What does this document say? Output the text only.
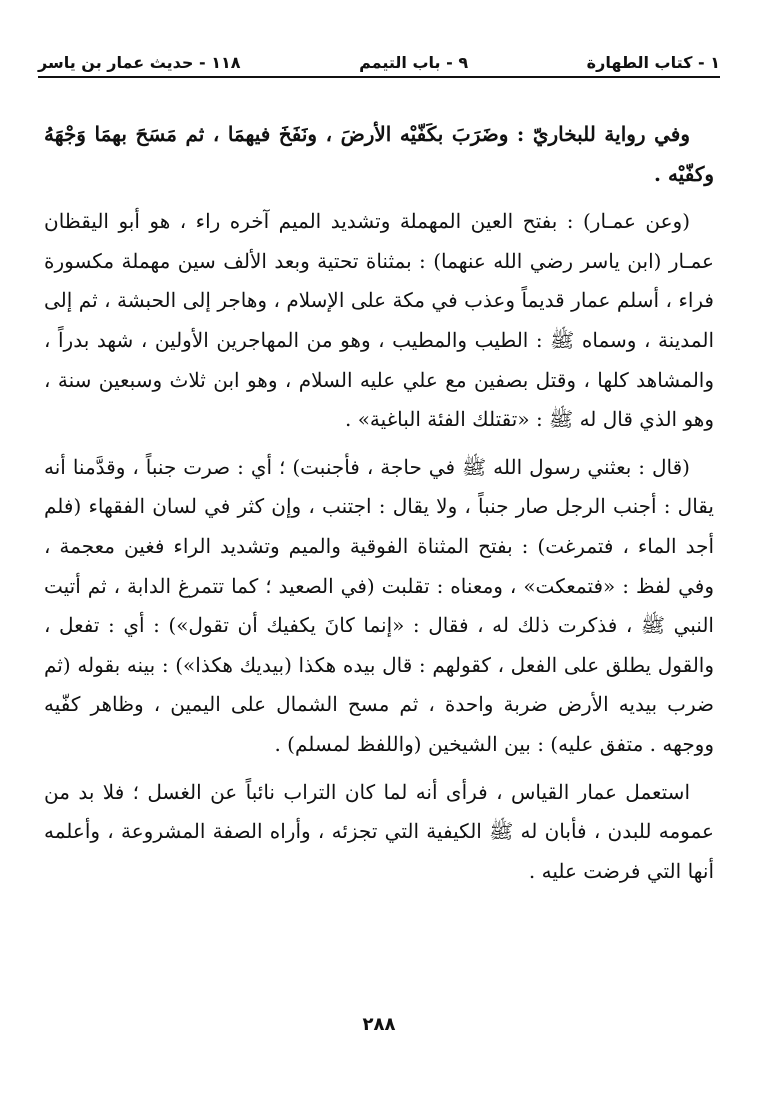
١ - كتاب الطهارة
٩ - باب التيمم
١١٨ - حديث عمار بن ياسر

وفي رواية للبخاريّ : وضَرَبَ بكَفّيْه الأرضَ ، ونَفَخَ فيهمَا ، ثم مَسَحَ بهمَا وَجْهَهُ وكفّيْه .

(وعن عمـار) : بفتح العين المهملة وتشديد الميم آخره راء ، هو أبو اليقظان عمـار (ابن ياسر رضي الله عنهما) : بمثناة تحتية وبعد الألف سين مهملة مكسورة فراء ، أسلم عمار قديماً وعذب في مكة على الإسلام ، وهاجر إلى الحبشة ، ثم إلى المدينة ، وسماه ﷺ : الطيب والمطيب ، وهو من المهاجرين الأولين ، شهد بدراً ، والمشاهد كلها ، وقتل بصفين مع علي عليه السلام ، وهو ابن ثلاث وسبعين سنة ، وهو الذي قال له ﷺ : «تقتلك الفئة الباغية» .

(قال : بعثني رسول الله ﷺ في حاجة ، فأجنبت) ؛ أي : صرت جنباً ، وقدَّمنا أنه يقال : أجنب الرجل صار جنباً ، ولا يقال : اجتنب ، وإن كثر في لسان الفقهاء (فلم أجد الماء ، فتمرغت) : بفتح المثناة الفوقية والميم وتشديد الراء فغين معجمة ، وفي لفظ : «فتمعكت» ، ومعناه : تقلبت (في الصعيد ؛ كما تتمرغ الدابة ، ثم أتيت النبي ﷺ ، فذكرت ذلك له ، فقال : «إنما كانَ يكفيك أن تقول») : أي : تفعل ، والقول يطلق على الفعل ، كقولهم : قال بيده هكذا (بيديك هكذا») : بينه بقوله (ثم ضرب بيديه الأرض ضربة واحدة ، ثم مسح الشمال على اليمين ، وظاهر كفّيه ووجهه . متفق عليه) : بين الشيخين (واللفظ لمسلم) .

استعمل عمار القياس ، فرأى أنه لما كان التراب نائباً عن الغسل ؛ فلا بد من عمومه للبدن ، فأبان له ﷺ الكيفية التي تجزئه ، وأراه الصفة المشروعة ، وأعلمه أنها التي فرضت عليه .

٢٨٨
